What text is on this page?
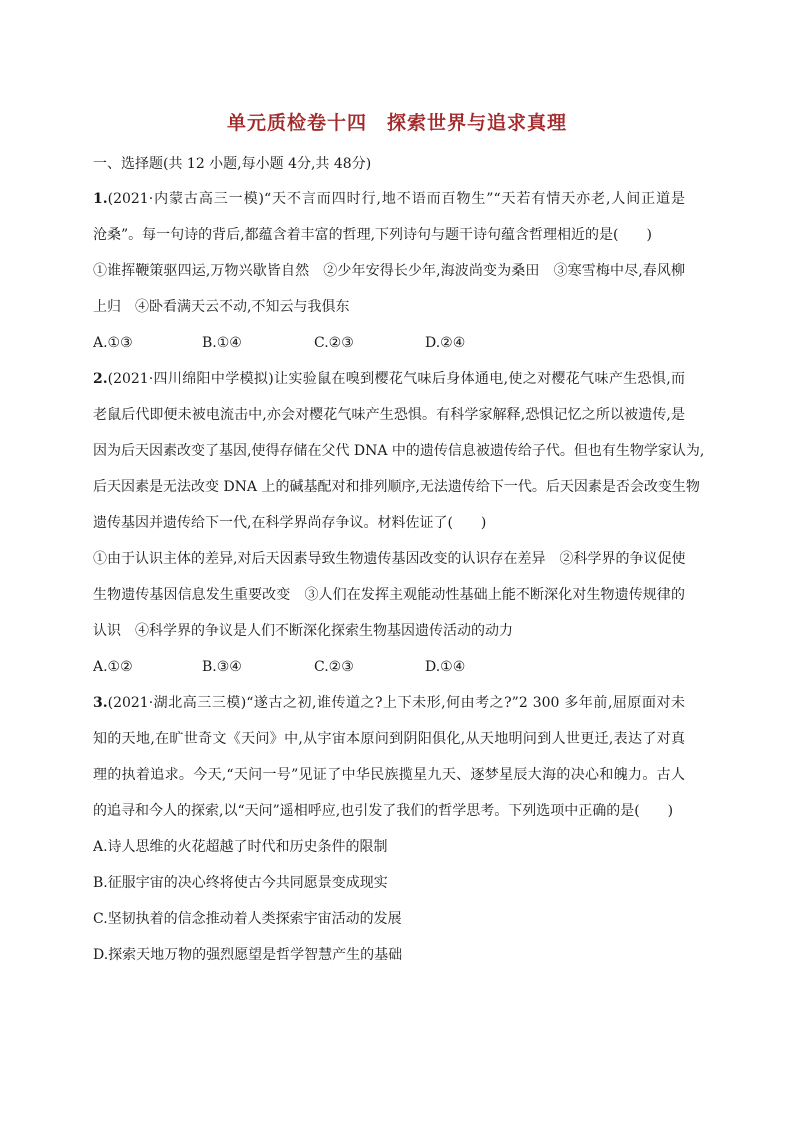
单元质检卷十四　探索世界与追求真理
一、选择题(共 12 小题,每小题 4分,共 48分)
1.(2021·内蒙古高三一模)“天不言而四时行,地不语而百物生”“天若有情天亦老,人间正道是
沧桑”。每一句诗的背后,都蕴含着丰富的哲理,下列诗句与题干诗句蕴含哲理相近的是(　　)
①谁挥鞭策驱四运,万物兴歇皆自然　②少年安得长少年,海波尚变为桑田　③寒雪梅中尽,春风柳
上归　④卧看满天云不动,不知云与我俱东
A.①③	B.①④	C.②③	D.②④
2.(2021·四川绵阳中学模拟)让实验鼠在嗅到樱花气味后身体通电,使之对樱花气味产生恐惧,而
老鼠后代即便未被电流击中,亦会对樱花气味产生恐惧。有科学家解释,恐惧记忆之所以被遗传,是
因为后天因素改变了基因,使得存储在父代 DNA 中的遗传信息被遗传给子代。但也有生物学家认为,
后天因素是无法改变 DNA 上的碱基配对和排列顺序,无法遗传给下一代。后天因素是否会改变生物
遗传基因并遗传给下一代,在科学界尚存争议。材料佐证了(　　)
①由于认识主体的差异,对后天因素导致生物遗传基因改变的认识存在差异　②科学界的争议促使
生物遗传基因信息发生重要改变　③人们在发挥主观能动性基础上能不断深化对生物遗传规律的
认识　④科学界的争议是人们不断深化探索生物基因遗传活动的动力
A.①②	B.③④	C.②③	D.①④
3.(2021·湖北高三三模)“遂古之初,谁传道之?上下未形,何由考之?”2 300 多年前,屈原面对未
知的天地,在旷世奇文《天问》中,从宇宙本原问到阴阳俱化,从天地明问到人世更迁,表达了对真
理的执着追求。今天,“天问一号”见证了中华民族揽星九天、逐梦星辰大海的决心和魄力。古人
的追寻和今人的探索,以“天问”遥相呼应,也引发了我们的哲学思考。下列选项中正确的是(　　)
A.诗人思维的火花超越了时代和历史条件的限制
B.征服宇宙的决心终将使古今共同愿景变成现实
C.坚韧执着的信念推动着人类探索宇宙活动的发展
D.探索天地万物的强烈愿望是哲学智慧产生的基础
